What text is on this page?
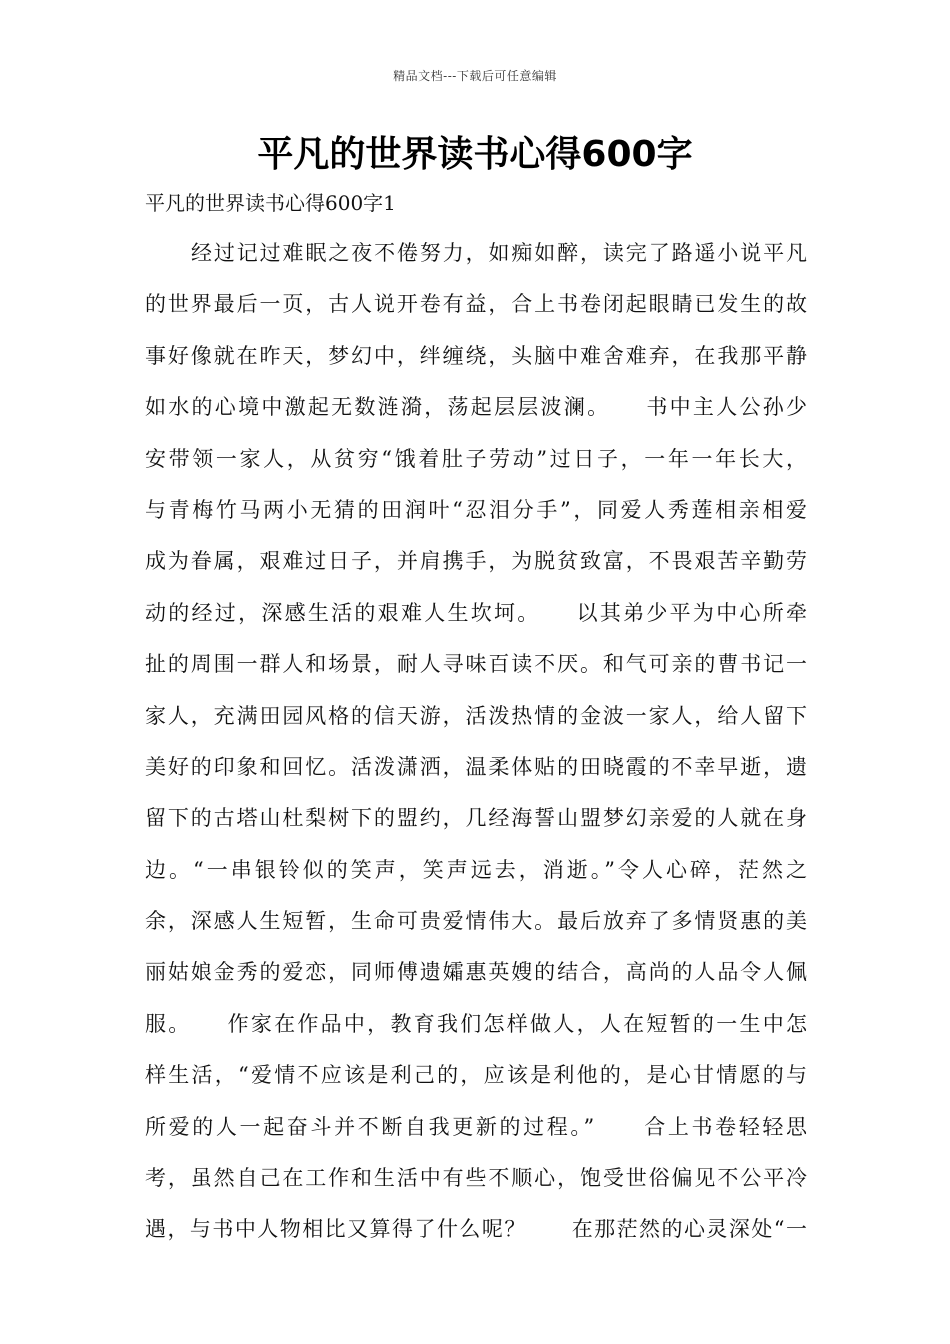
精品文档---下载后可任意编辑
平凡的世界读书心得600字
平凡的世界读书心得600字1
经过记过难眠之夜不倦努力，如痴如醉，读完了路遥小说平凡
的世界最后一页，古人说开卷有益，合上书卷闭起眼睛已发生的故
事好像就在昨天，梦幻中，绊缠绕，头脑中难舍难弃，在我那平静
如水的心境中激起无数涟漪，荡起层层波澜。　　书中主人公孙少
安带领一家人，从贫穷“饿着肚子劳动”过日子，一年一年长大，
与青梅竹马两小无猜的田润叶“忍泪分手”，同爱人秀莲相亲相爱
成为眷属，艰难过日子，并肩携手，为脱贫致富，不畏艰苦辛勤劳
动的经过，深感生活的艰难人生坎坷。　　以其弟少平为中心所牵
扯的周围一群人和场景，耐人寻味百读不厌。和气可亲的曹书记一
家人，充满田园风格的信天游，活泼热情的金波一家人，给人留下
美好的印象和回忆。活泼潇洒，温柔体贴的田晓霞的不幸早逝，遗
留下的古塔山杜梨树下的盟约，几经海誓山盟梦幻亲爱的人就在身
边。“一串银铃似的笑声，笑声远去，消逝。”令人心碎，茫然之
余，深感人生短暂，生命可贵爱情伟大。最后放弃了多情贤惠的美
丽姑娘金秀的爱恋，同师傅遗孀惠英嫂的结合，高尚的人品令人佩
服。　　作家在作品中，教育我们怎样做人，人在短暂的一生中怎
样生活，“爱情不应该是利己的，应该是利他的，是心甘情愿的与
所爱的人一起奋斗并不断自我更新的过程。”　　合上书卷轻轻思
考，虽然自己在工作和生活中有些不顺心，饱受世俗偏见不公平冷
遇，与书中人物相比又算得了什么呢？　　在那茫然的心灵深处“一
